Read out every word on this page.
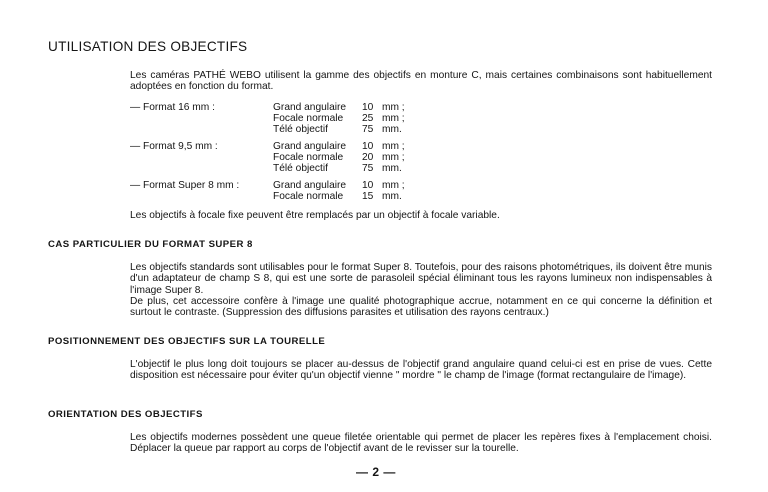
UTILISATION DES OBJECTIFS
Les caméras PATHÉ WEBO utilisent la gamme des objectifs en monture C, mais certaines combinaisons sont habituellement adoptées en fonction du format.
— Format 16 mm :	Grand angulaire 10 mm ;
Focale normale 25 mm ;
Télé objectif	75 mm.
— Format 9,5 mm :	Grand angulaire 10 mm ;
Focale normale 20 mm ;
Télé objectif	75 mm.
— Format Super 8 mm :	Grand angulaire 10 mm ;
Focale normale 15 mm.
Les objectifs à focale fixe peuvent être remplacés par un objectif à focale variable.
CAS PARTICULIER DU FORMAT SUPER 8
Les objectifs standards sont utilisables pour le format Super 8. Toutefois, pour des raisons photométriques, ils doivent être munis d'un adaptateur de champ S 8, qui est une sorte de parasoleil spécial éliminant tous les rayons lumineux non indispensables à l'image Super 8.
De plus, cet accessoire confère à l'image une qualité photographique accrue, notamment en ce qui concerne la définition et surtout le contraste. (Suppression des diffusions parasites et utilisation des rayons centraux.)
POSITIONNEMENT DES OBJECTIFS SUR LA TOURELLE
L'objectif le plus long doit toujours se placer au-dessus de l'objectif grand angulaire quand celui-ci est en prise de vues. Cette disposition est nécessaire pour éviter qu'un objectif vienne " mordre " le champ de l'image (format rectangulaire de l'image).
ORIENTATION DES OBJECTIFS
Les objectifs modernes possèdent une queue filetée orientable qui permet de placer les repères fixes à l'emplacement choisi. Déplacer la queue par rapport au corps de l'objectif avant de le revisser sur la tourelle.
— 2 —
